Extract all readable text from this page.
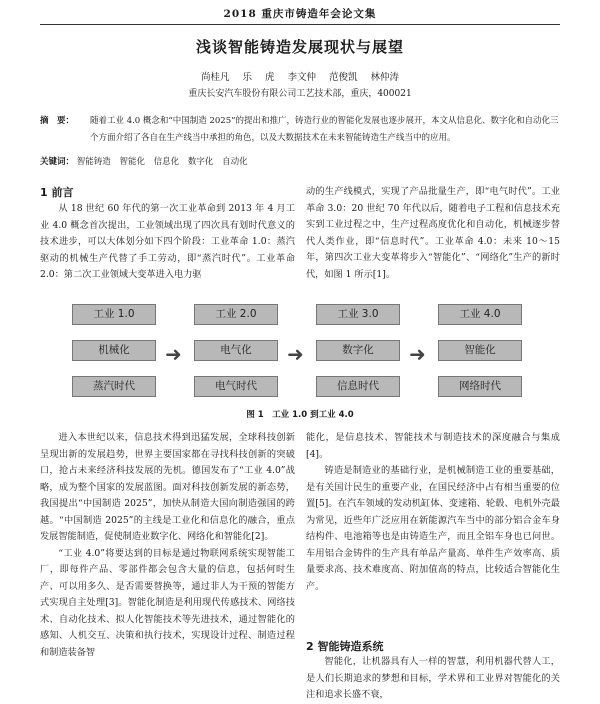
2018 重庆市铸造年会论文集
浅谈智能铸造发展现状与展望
尚桂凡 乐 虎 李文仲 范俊凯 林仲涛
重庆长安汽车股份有限公司工艺技术部，重庆，400021
摘　要： 随着工业 4.0 概念和“中国制造 2025”的提出和推广，铸造行业的智能化发展也逐步展开，本文从信息化、数字化和自动化三个方面介绍了各自在生产线当中承担的角色，以及大数据技术在未来智能铸造生产线当中的应用。
关键词： 智能铸造 智能化 信息化 数字化 自动化
1 前言

从 18 世纪 60 年代的第一次工业革命到 2013 年 4 月工业 4.0 概念首次提出，工业领域出现了四次具有划时代意义的技术进步，可以大体划分如下四个阶段：工业革命 1.0：蒸汽驱动的机械生产代替了手工劳动，即“蒸汽时代”。工业革命 2.0：第二次工业领域大变革进入电力驱

动的生产线模式，实现了产品批量生产，即“电气时代”。工业革命 3.0：20 世纪 70 年代以后，随着电子工程和信息技术充实到工业过程之中，生产过程高度优化和自动化，机械逐步替代人类作业，即“信息时代”。工业革命 4.0：未来 10～15 年，第四次工业大变革将步入“智能化”、“网络化”生产的新时代，如图 1 所示[1]。

工业 1.0
机械化
蒸汽时代
➜
工业 2.0
电气化
电气时代
➜
工业 3.0
数字化
信息时代
➜
工业 4.0
智能化
网络时代
图 1　工业 1.0 到工业 4.0

进入本世纪以来，信息技术得到迅猛发展，全球科技创新呈现出新的发展趋势，世界主要国家都在寻找科技创新的突破口，抢占未来经济科技发展的先机。德国发布了“工业 4.0”战略，成为整个国家的发展蓝图。面对科技创新发展的新态势，我国提出“中国制造 2025”，加快从制造大国向制造强国的跨越。“中国制造 2025”的主线是工业化和信息化的融合，重点发展智能制造，促使制造业数字化、网络化和智能化[2]。

“工业 4.0”将要达到的目标是通过物联网系统实现智能工厂，即每件产品、零部件都会包含大量的信息，包括何时生产、可以用多久、是否需要替换等，通过非人为干预的智能方式实现自主处理[3]。智能化制造是利用现代传感技术、网络技术、自动化技术、拟人化智能技术等先进技术，通过智能化的感知、人机交互、决策和执行技术，实现设计过程、制造过程和制造装备智

能化，是信息技术、智能技术与制造技术的深度融合与集成[4]。

铸造是制造业的基础行业，是机械制造工业的重要基础，是有关国计民生的重要产业，在国民经济中占有相当重要的位置[5]。在汽车领域的发动机缸体、变速箱、轮毂、电机外壳最为常见，近些年广泛应用在新能源汽车当中的部分铝合金车身结构件、电池箱等也是由铸造生产，而且全铝车身也已问世。车用铝合金铸件的生产具有单品产量高、单件生产效率高、质量要求高、技术难度高、附加值高的特点，比较适合智能化生产。

2 智能铸造系统

智能化，让机器具有人一样的智慧，利用机器代替人工，是人们长期追求的梦想和目标，学术界和工业界对智能化的关注和追求长盛不衰，
